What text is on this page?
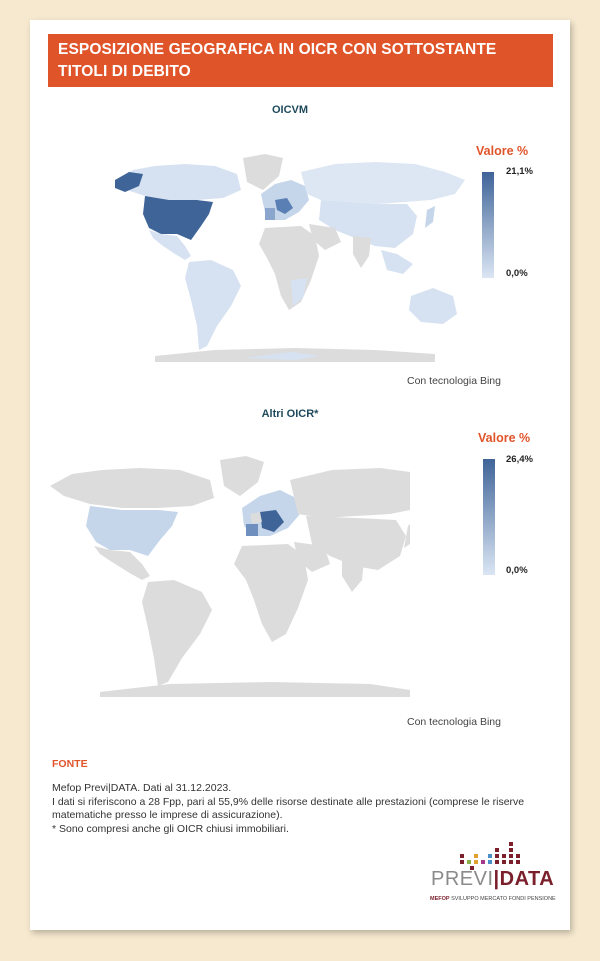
ESPOSIZIONE GEOGRAFICA IN OICR CON SOTTOSTANTE TITOLI DI DEBITO
OICVM
Valore %
21,1%
0,0%
Con tecnologia Bing
Altri OICR*
Valore %
26,4%
0,0%
Con tecnologia Bing
FONTE
Mefop Previ|DATA. Dati al 31.12.2023.
I dati si riferiscono a 28 Fpp, pari al 55,9% delle risorse destinate alle prestazioni (comprese le riserve matematiche presso le imprese di assicurazione).
* Sono compresi anche gli OICR chiusi immobiliari.
PREVI|DATA
MEFOP SVILUPPO MERCATO FONDI PENSIONE
